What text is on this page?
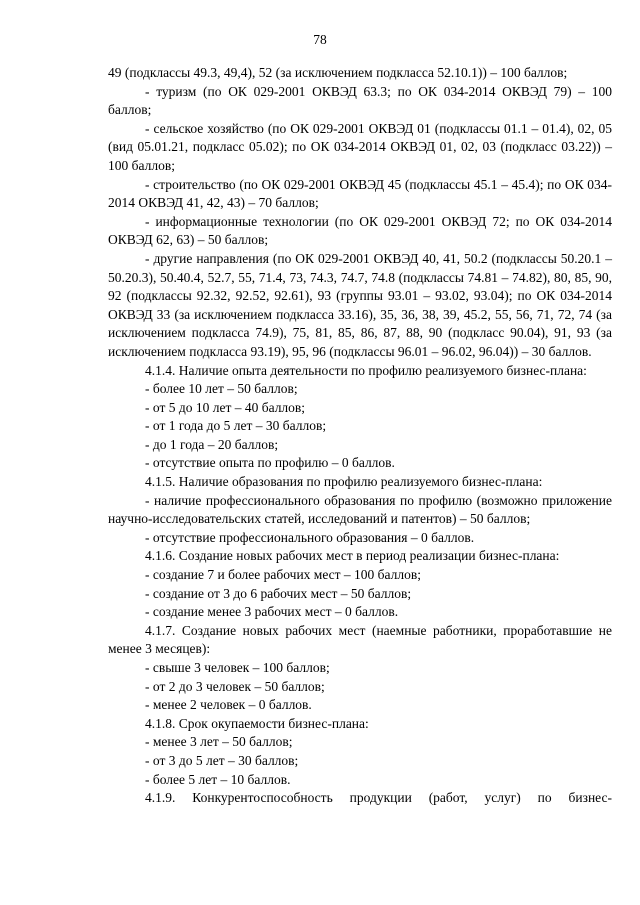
78

49 (подклассы 49.3, 49,4), 52 (за исключением подкласса 52.10.1)) – 100 баллов;

- туризм (по ОК 029-2001 ОКВЭД 63.3; по ОК 034-2014 ОКВЭД 79) – 100 баллов;

- сельское хозяйство (по ОК 029-2001 ОКВЭД 01 (подклассы 01.1 – 01.4), 02, 05 (вид 05.01.21, подкласс 05.02); по ОК 034-2014 ОКВЭД 01, 02, 03 (подкласс 03.22)) – 100 баллов;

- строительство (по ОК 029-2001 ОКВЭД 45 (подклассы 45.1 – 45.4); по ОК 034-2014 ОКВЭД 41, 42, 43) – 70 баллов;

- информационные технологии (по ОК 029-2001 ОКВЭД 72; по ОК 034-2014 ОКВЭД 62, 63) – 50 баллов;

- другие направления (по ОК 029-2001 ОКВЭД 40, 41, 50.2 (подклассы 50.20.1 – 50.20.3), 50.40.4, 52.7, 55, 71.4, 73, 74.3, 74.7, 74.8 (подклассы 74.81 – 74.82), 80, 85, 90, 92 (подклассы 92.32, 92.52, 92.61), 93 (группы 93.01 – 93.02, 93.04); по ОК 034-2014 ОКВЭД 33 (за исключением подкласса 33.16), 35, 36, 38, 39, 45.2, 55, 56, 71, 72, 74 (за исключением подкласса 74.9), 75, 81, 85, 86, 87, 88, 90 (подкласс 90.04), 91, 93 (за исключением подкласса 93.19), 95, 96 (подклассы 96.01 – 96.02, 96.04)) – 30 баллов.

4.1.4. Наличие опыта деятельности по профилю реализуемого бизнес-плана:

- более 10 лет – 50 баллов;

- от 5 до 10 лет – 40 баллов;

- от 1 года до 5 лет – 30 баллов;

- до 1 года – 20 баллов;

- отсутствие опыта по профилю – 0 баллов.

4.1.5. Наличие образования по профилю реализуемого бизнес-плана:

- наличие профессионального образования по профилю (возможно приложение научно-исследовательских статей, исследований и патентов) – 50 баллов;

- отсутствие профессионального образования – 0 баллов.

4.1.6. Создание новых рабочих мест в период реализации бизнес-плана:

- создание 7 и более рабочих мест – 100 баллов;

- создание от 3 до 6 рабочих мест – 50 баллов;

- создание менее 3 рабочих мест – 0 баллов.

4.1.7. Создание новых рабочих мест (наемные работники, проработавшие не менее 3 месяцев):

- свыше 3 человек – 100 баллов;

- от 2 до 3 человек – 50 баллов;

- менее 2 человек – 0 баллов.

4.1.8. Срок окупаемости бизнес-плана:

- менее 3 лет – 50 баллов;

- от 3 до 5 лет – 30 баллов;

- более 5 лет – 10 баллов.

4.1.9. Конкурентоспособность продукции (работ, услуг) по бизнес-
